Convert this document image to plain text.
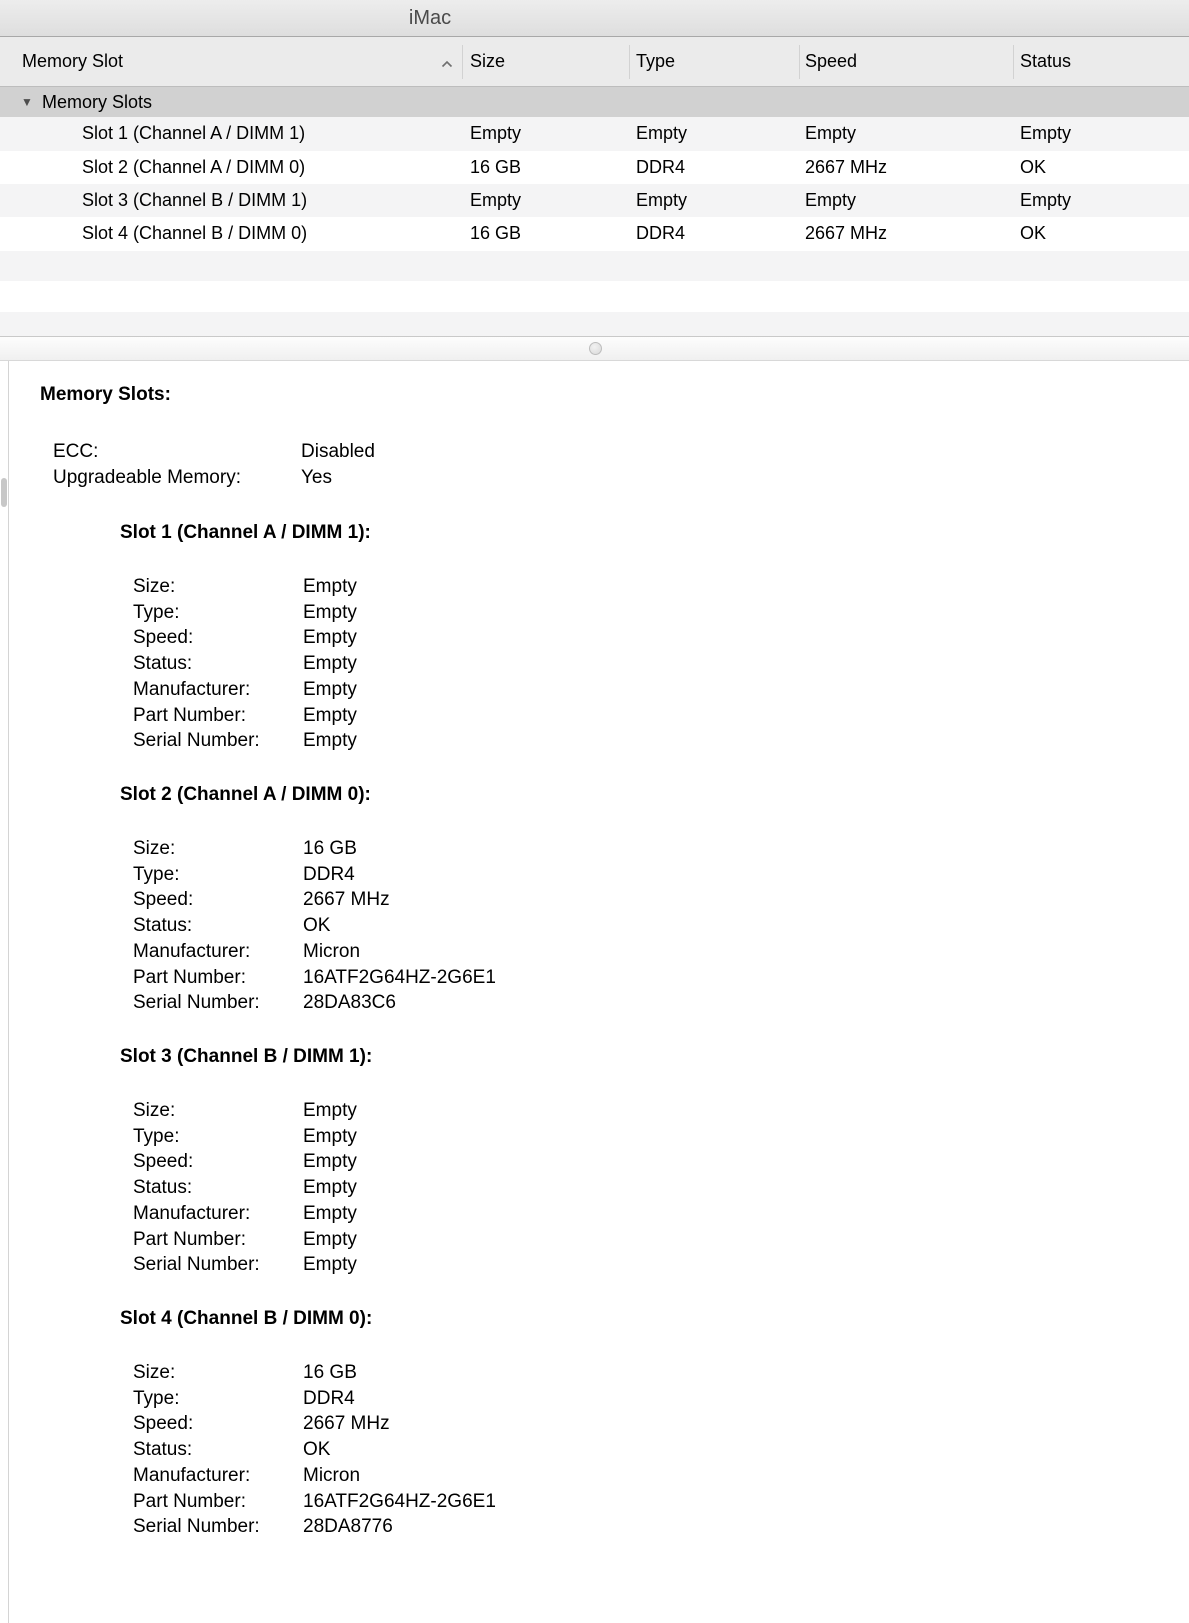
iMac
Memory Slot	Size	Type	Speed	Status
▼ Memory Slots
Slot 1 (Channel A / DIMM 1)	Empty	Empty	Empty	Empty
Slot 2 (Channel A / DIMM 0)	16 GB	DDR4	2667 MHz	OK
Slot 3 (Channel B / DIMM 1)	Empty	Empty	Empty	Empty
Slot 4 (Channel B / DIMM 0)	16 GB	DDR4	2667 MHz	OK
Memory Slots:
ECC:	Disabled
Upgradeable Memory:	Yes
Slot 1 (Channel A / DIMM 1):
Size:	Empty
Type:	Empty
Speed:	Empty
Status:	Empty
Manufacturer:	Empty
Part Number:	Empty
Serial Number: Empty
Slot 2 (Channel A / DIMM 0):
Size:	16 GB
Type:	DDR4
Speed:	2667 MHz
Status:	OK
Manufacturer:	Micron
Part Number:	16ATF2G64HZ-2G6E1
Serial Number: 28DA83C6
Slot 3 (Channel B / DIMM 1):
Size:	Empty
Type:	Empty
Speed:	Empty
Status:	Empty
Manufacturer:	Empty
Part Number:	Empty
Serial Number: Empty
Slot 4 (Channel B / DIMM 0):
Size:	16 GB
Type:	DDR4
Speed:	2667 MHz
Status:	OK
Manufacturer:	Micron
Part Number:	16ATF2G64HZ-2G6E1
Serial Number: 28DA8776
